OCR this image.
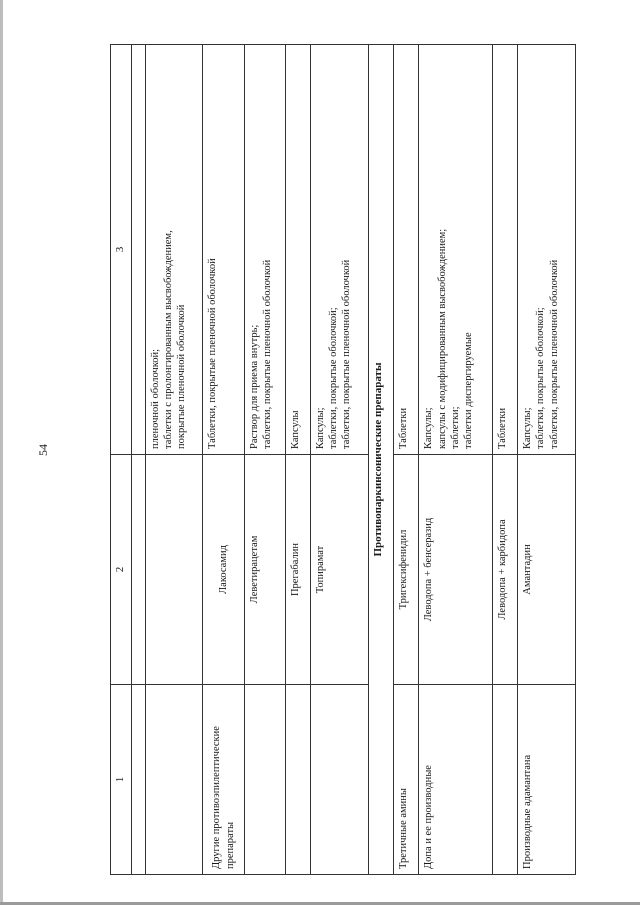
54
1	2	3

		пленочной оболочкой; таблетки с пролонгированным высвобождением, покрытые пленочной оболочкой

Другие противоэпилептические препараты	Лакосамид	Таблетки, покрытые пленочной оболочкой

	Леветирацетам	Раствор для приема внутрь; таблетки, покрытые пленочной оболочкой

	Прегабалин	Капсулы

	Топирамат	Капсулы; таблетки, покрытые оболочкой; таблетки, покрытые пленочной оболочкой

Противопаркинсонические препараты		
Третичные амины	Тригексифенидил	Таблетки

Допа и ее производные	Леводопа + бенсеразид	Капсулы; капсулы с модифицированным высвобождением; таблетки; таблетки диспергируемые

	Леводопа + карбидопа	Таблетки

Производные адамантана	Амантадин	Капсулы; таблетки, покрытые оболочкой; таблетки, покрытые пленочной оболочкой
